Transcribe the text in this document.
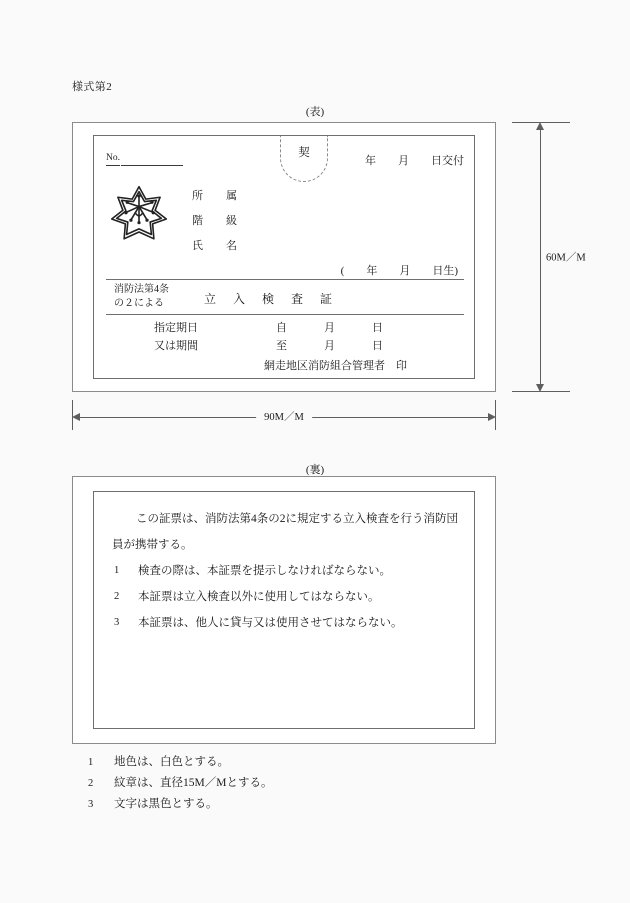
様式第2
(表)
No.	契
年 月 日交付
所　属
階　級
氏　名
( 年 月 日生)
消防法第4条
の２による	立 入 検 査 証
指定期日	自	月	日
又は期間	至	月	日
網走地区消防組合管理者 印
60M／M
90M／M
(裏)

この証票は、消防法第4条の2に規定する立入検査を行う消防団員が携帯する。

1 検査の際は、本証票を提示しなければならない。

2 本証票は立入検査以外に使用してはならない。

3 本証票は、他人に貸与又は使用させてはならない。

1 地色は、白色とする。
2 紋章は、直径15M／Mとする。
3 文字は黒色とする。
